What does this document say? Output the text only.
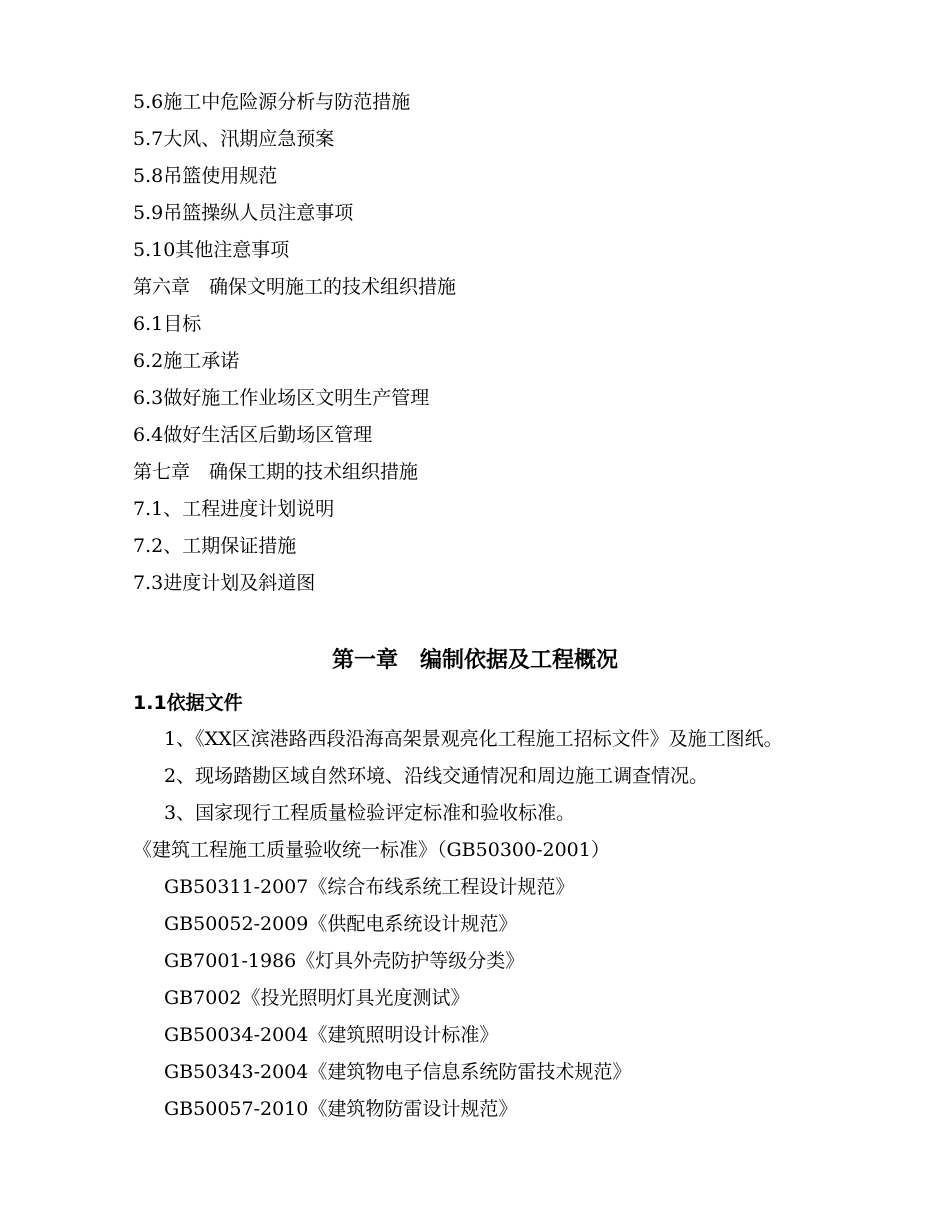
5.6施工中危险源分析与防范措施
5.7大风、汛期应急预案
5.8吊篮使用规范
5.9吊篮操纵人员注意事项
5.10其他注意事项
第六章　确保文明施工的技术组织措施
6.1目标
6.2施工承诺
6.3做好施工作业场区文明生产管理
6.4做好生活区后勤场区管理
第七章　确保工期的技术组织措施
7.1、工程进度计划说明
7.2、工期保证措施
7.3进度计划及斜道图
第一章　编制依据及工程概况
1.1依据文件
1、《XX区滨港路西段沿海高架景观亮化工程施工招标文件》及施工图纸。
2、现场踏勘区域自然环境、沿线交通情况和周边施工调查情况。
3、国家现行工程质量检验评定标准和验收标准。
《建筑工程施工质量验收统一标准》（GB50300-2001）
GB50311-2007《综合布线系统工程设计规范》
GB50052-2009《供配电系统设计规范》
GB7001-1986《灯具外壳防护等级分类》
GB7002《投光照明灯具光度测试》
GB50034-2004《建筑照明设计标准》
GB50343-2004《建筑物电子信息系统防雷技术规范》
GB50057-2010《建筑物防雷设计规范》
